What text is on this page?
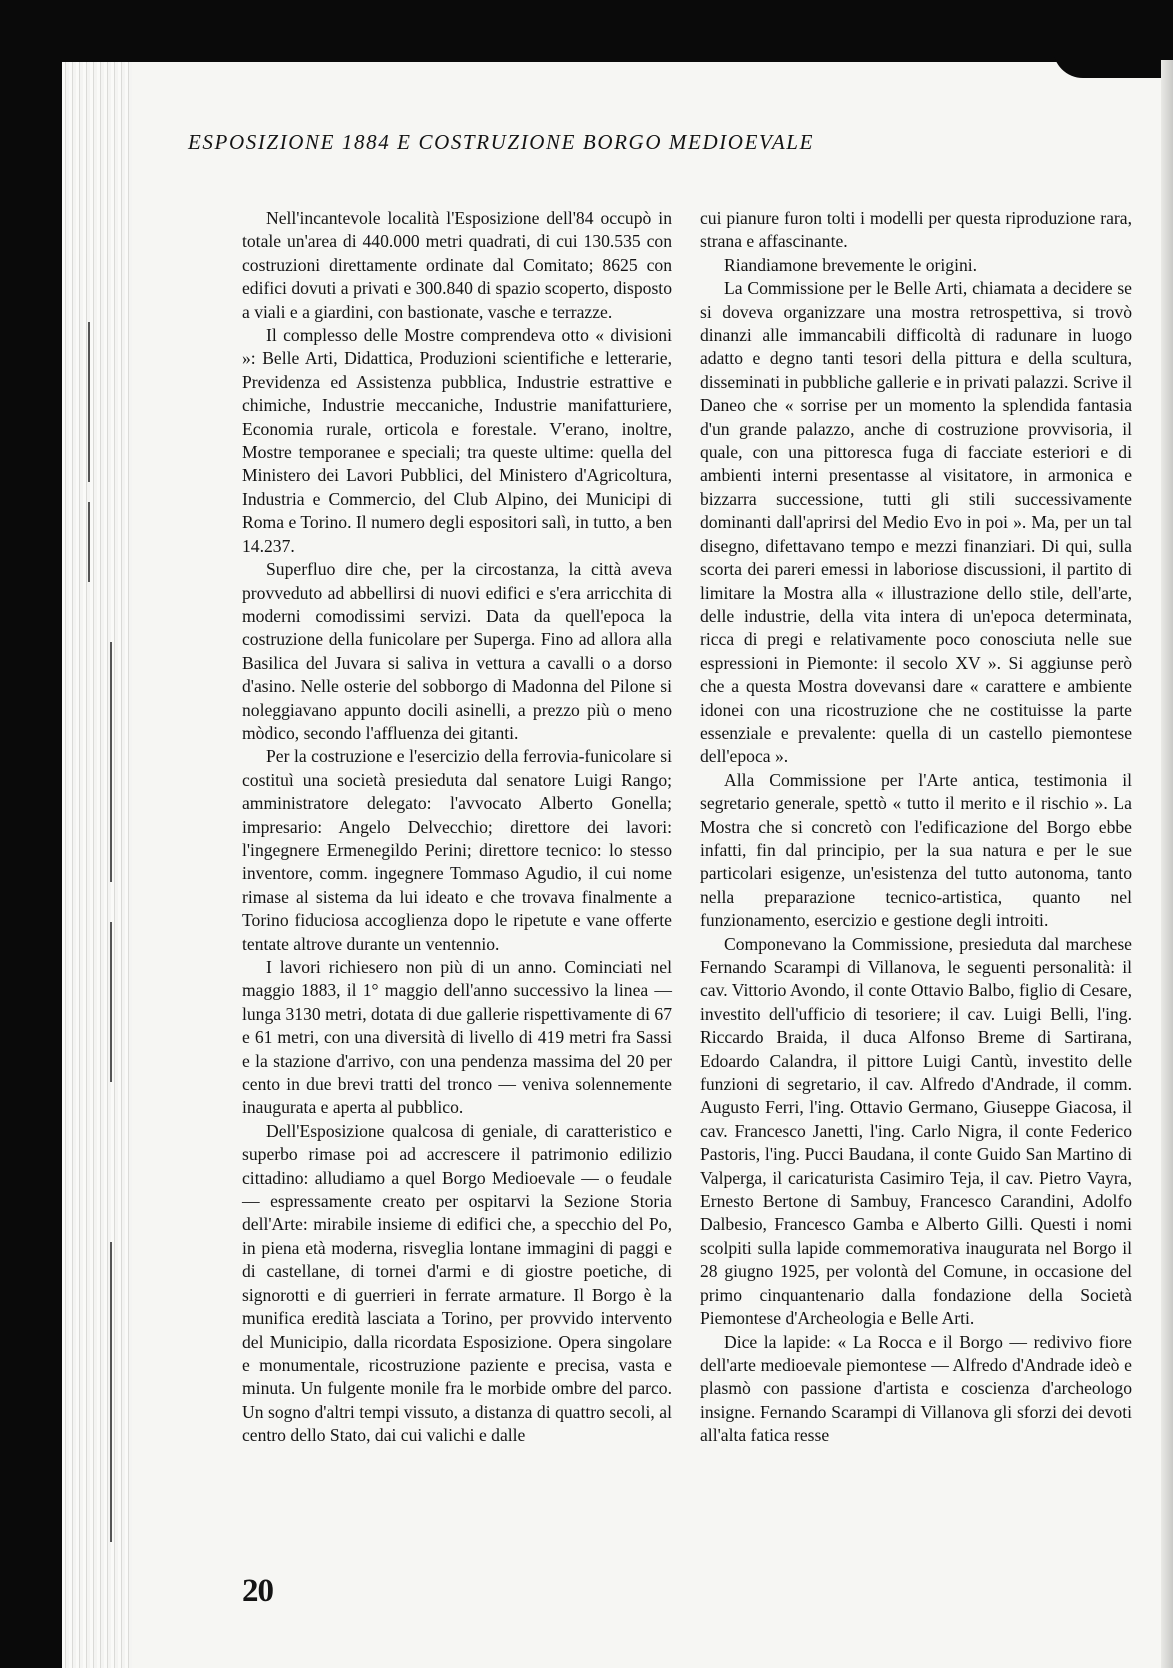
ESPOSIZIONE 1884 E COSTRUZIONE BORGO MEDIOEVALE

Nell'incantevole località l'Esposizione dell'84 occupò in totale un'area di 440.000 metri quadrati, di cui 130.535 con costruzioni direttamente ordinate dal Comitato; 8625 con edifici dovuti a privati e 300.840 di spazio scoperto, disposto a viali e a giardini, con bastionate, vasche e terrazze.

Il complesso delle Mostre comprendeva otto « divisioni »: Belle Arti, Didattica, Produzioni scientifiche e letterarie, Previdenza ed Assistenza pubblica, Industrie estrattive e chimiche, Industrie meccaniche, Industrie manifatturiere, Economia rurale, orticola e forestale. V'erano, inoltre, Mostre temporanee e speciali; tra queste ultime: quella del Ministero dei Lavori Pubblici, del Ministero d'Agricoltura, Industria e Commercio, del Club Alpino, dei Municipi di Roma e Torino. Il numero degli espositori salì, in tutto, a ben 14.237.

Superfluo dire che, per la circostanza, la città aveva provveduto ad abbellirsi di nuovi edifici e s'era arricchita di moderni comodissimi servizi. Data da quell'epoca la costruzione della funicolare per Superga. Fino ad allora alla Basilica del Juvara si saliva in vettura a cavalli o a dorso d'asino. Nelle osterie del sobborgo di Madonna del Pilone si noleggiavano appunto docili asinelli, a prezzo più o meno mòdico, secondo l'affluenza dei gitanti.

Per la costruzione e l'esercizio della ferrovia-funicolare si costituì una società presieduta dal senatore Luigi Rango; amministratore delegato: l'avvocato Alberto Gonella; impresario: Angelo Delvecchio; direttore dei lavori: l'ingegnere Ermenegildo Perini; direttore tecnico: lo stesso inventore, comm. ingegnere Tommaso Agudio, il cui nome rimase al sistema da lui ideato e che trovava finalmente a Torino fiduciosa accoglienza dopo le ripetute e vane offerte tentate altrove durante un ventennio.

I lavori richiesero non più di un anno. Cominciati nel maggio 1883, il 1° maggio dell'anno successivo la linea — lunga 3130 metri, dotata di due gallerie rispettivamente di 67 e 61 metri, con una diversità di livello di 419 metri fra Sassi e la stazione d'arrivo, con una pendenza massima del 20 per cento in due brevi tratti del tronco — veniva solennemente inaugurata e aperta al pubblico.

Dell'Esposizione qualcosa di geniale, di caratteristico e superbo rimase poi ad accrescere il patrimonio edilizio cittadino: alludiamo a quel Borgo Medioevale — o feudale — espressamente creato per ospitarvi la Sezione Storia dell'Arte: mirabile insieme di edifici che, a specchio del Po, in piena età moderna, risveglia lontane immagini di paggi e di castellane, di tornei d'armi e di giostre poetiche, di signorotti e di guerrieri in ferrate armature. Il Borgo è la munifica eredità lasciata a Torino, per provvido intervento del Municipio, dalla ricordata Esposizione. Opera singolare e monumentale, ricostruzione paziente e precisa, vasta e minuta. Un fulgente monile fra le morbide ombre del parco. Un sogno d'altri tempi vissuto, a distanza di quattro secoli, al centro dello Stato, dai cui valichi e dalle

cui pianure furon tolti i modelli per questa riproduzione rara, strana e affascinante.

Riandiamone brevemente le origini.

La Commissione per le Belle Arti, chiamata a decidere se si doveva organizzare una mostra retrospettiva, si trovò dinanzi alle immancabili difficoltà di radunare in luogo adatto e degno tanti tesori della pittura e della scultura, disseminati in pubbliche gallerie e in privati palazzi. Scrive il Daneo che « sorrise per un momento la splendida fantasia d'un grande palazzo, anche di costruzione provvisoria, il quale, con una pittoresca fuga di facciate esteriori e di ambienti interni presentasse al visitatore, in armonica e bizzarra successione, tutti gli stili successivamente dominanti dall'aprirsi del Medio Evo in poi ». Ma, per un tal disegno, difettavano tempo e mezzi finanziari. Di qui, sulla scorta dei pareri emessi in laboriose discussioni, il partito di limitare la Mostra alla « illustrazione dello stile, dell'arte, delle industrie, della vita intera di un'epoca determinata, ricca di pregi e relativamente poco conosciuta nelle sue espressioni in Piemonte: il secolo XV ». Si aggiunse però che a questa Mostra dovevansi dare « carattere e ambiente idonei con una ricostruzione che ne costituisse la parte essenziale e prevalente: quella di un castello piemontese dell'epoca ».

Alla Commissione per l'Arte antica, testimonia il segretario generale, spettò « tutto il merito e il rischio ». La Mostra che si concretò con l'edificazione del Borgo ebbe infatti, fin dal principio, per la sua natura e per le sue particolari esigenze, un'esistenza del tutto autonoma, tanto nella preparazione tecnico-artistica, quanto nel funzionamento, esercizio e gestione degli introiti.

Componevano la Commissione, presieduta dal marchese Fernando Scarampi di Villanova, le seguenti personalità: il cav. Vittorio Avondo, il conte Ottavio Balbo, figlio di Cesare, investito dell'ufficio di tesoriere; il cav. Luigi Belli, l'ing. Riccardo Braida, il duca Alfonso Breme di Sartirana, Edoardo Calandra, il pittore Luigi Cantù, investito delle funzioni di segretario, il cav. Alfredo d'Andrade, il comm. Augusto Ferri, l'ing. Ottavio Germano, Giuseppe Giacosa, il cav. Francesco Janetti, l'ing. Carlo Nigra, il conte Federico Pastoris, l'ing. Pucci Baudana, il conte Guido San Martino di Valperga, il caricaturista Casimiro Teja, il cav. Pietro Vayra, Ernesto Bertone di Sambuy, Francesco Carandini, Adolfo Dalbesio, Francesco Gamba e Alberto Gilli. Questi i nomi scolpiti sulla lapide commemorativa inaugurata nel Borgo il 28 giugno 1925, per volontà del Comune, in occasione del primo cinquantenario dalla fondazione della Società Piemontese d'Archeologia e Belle Arti.

Dice la lapide: « La Rocca e il Borgo — redivivo fiore dell'arte medioevale piemontese — Alfredo d'Andrade ideò e plasmò con passione d'artista e coscienza d'archeologo insigne. Fernando Scarampi di Villanova gli sforzi dei devoti all'alta fatica resse

20
